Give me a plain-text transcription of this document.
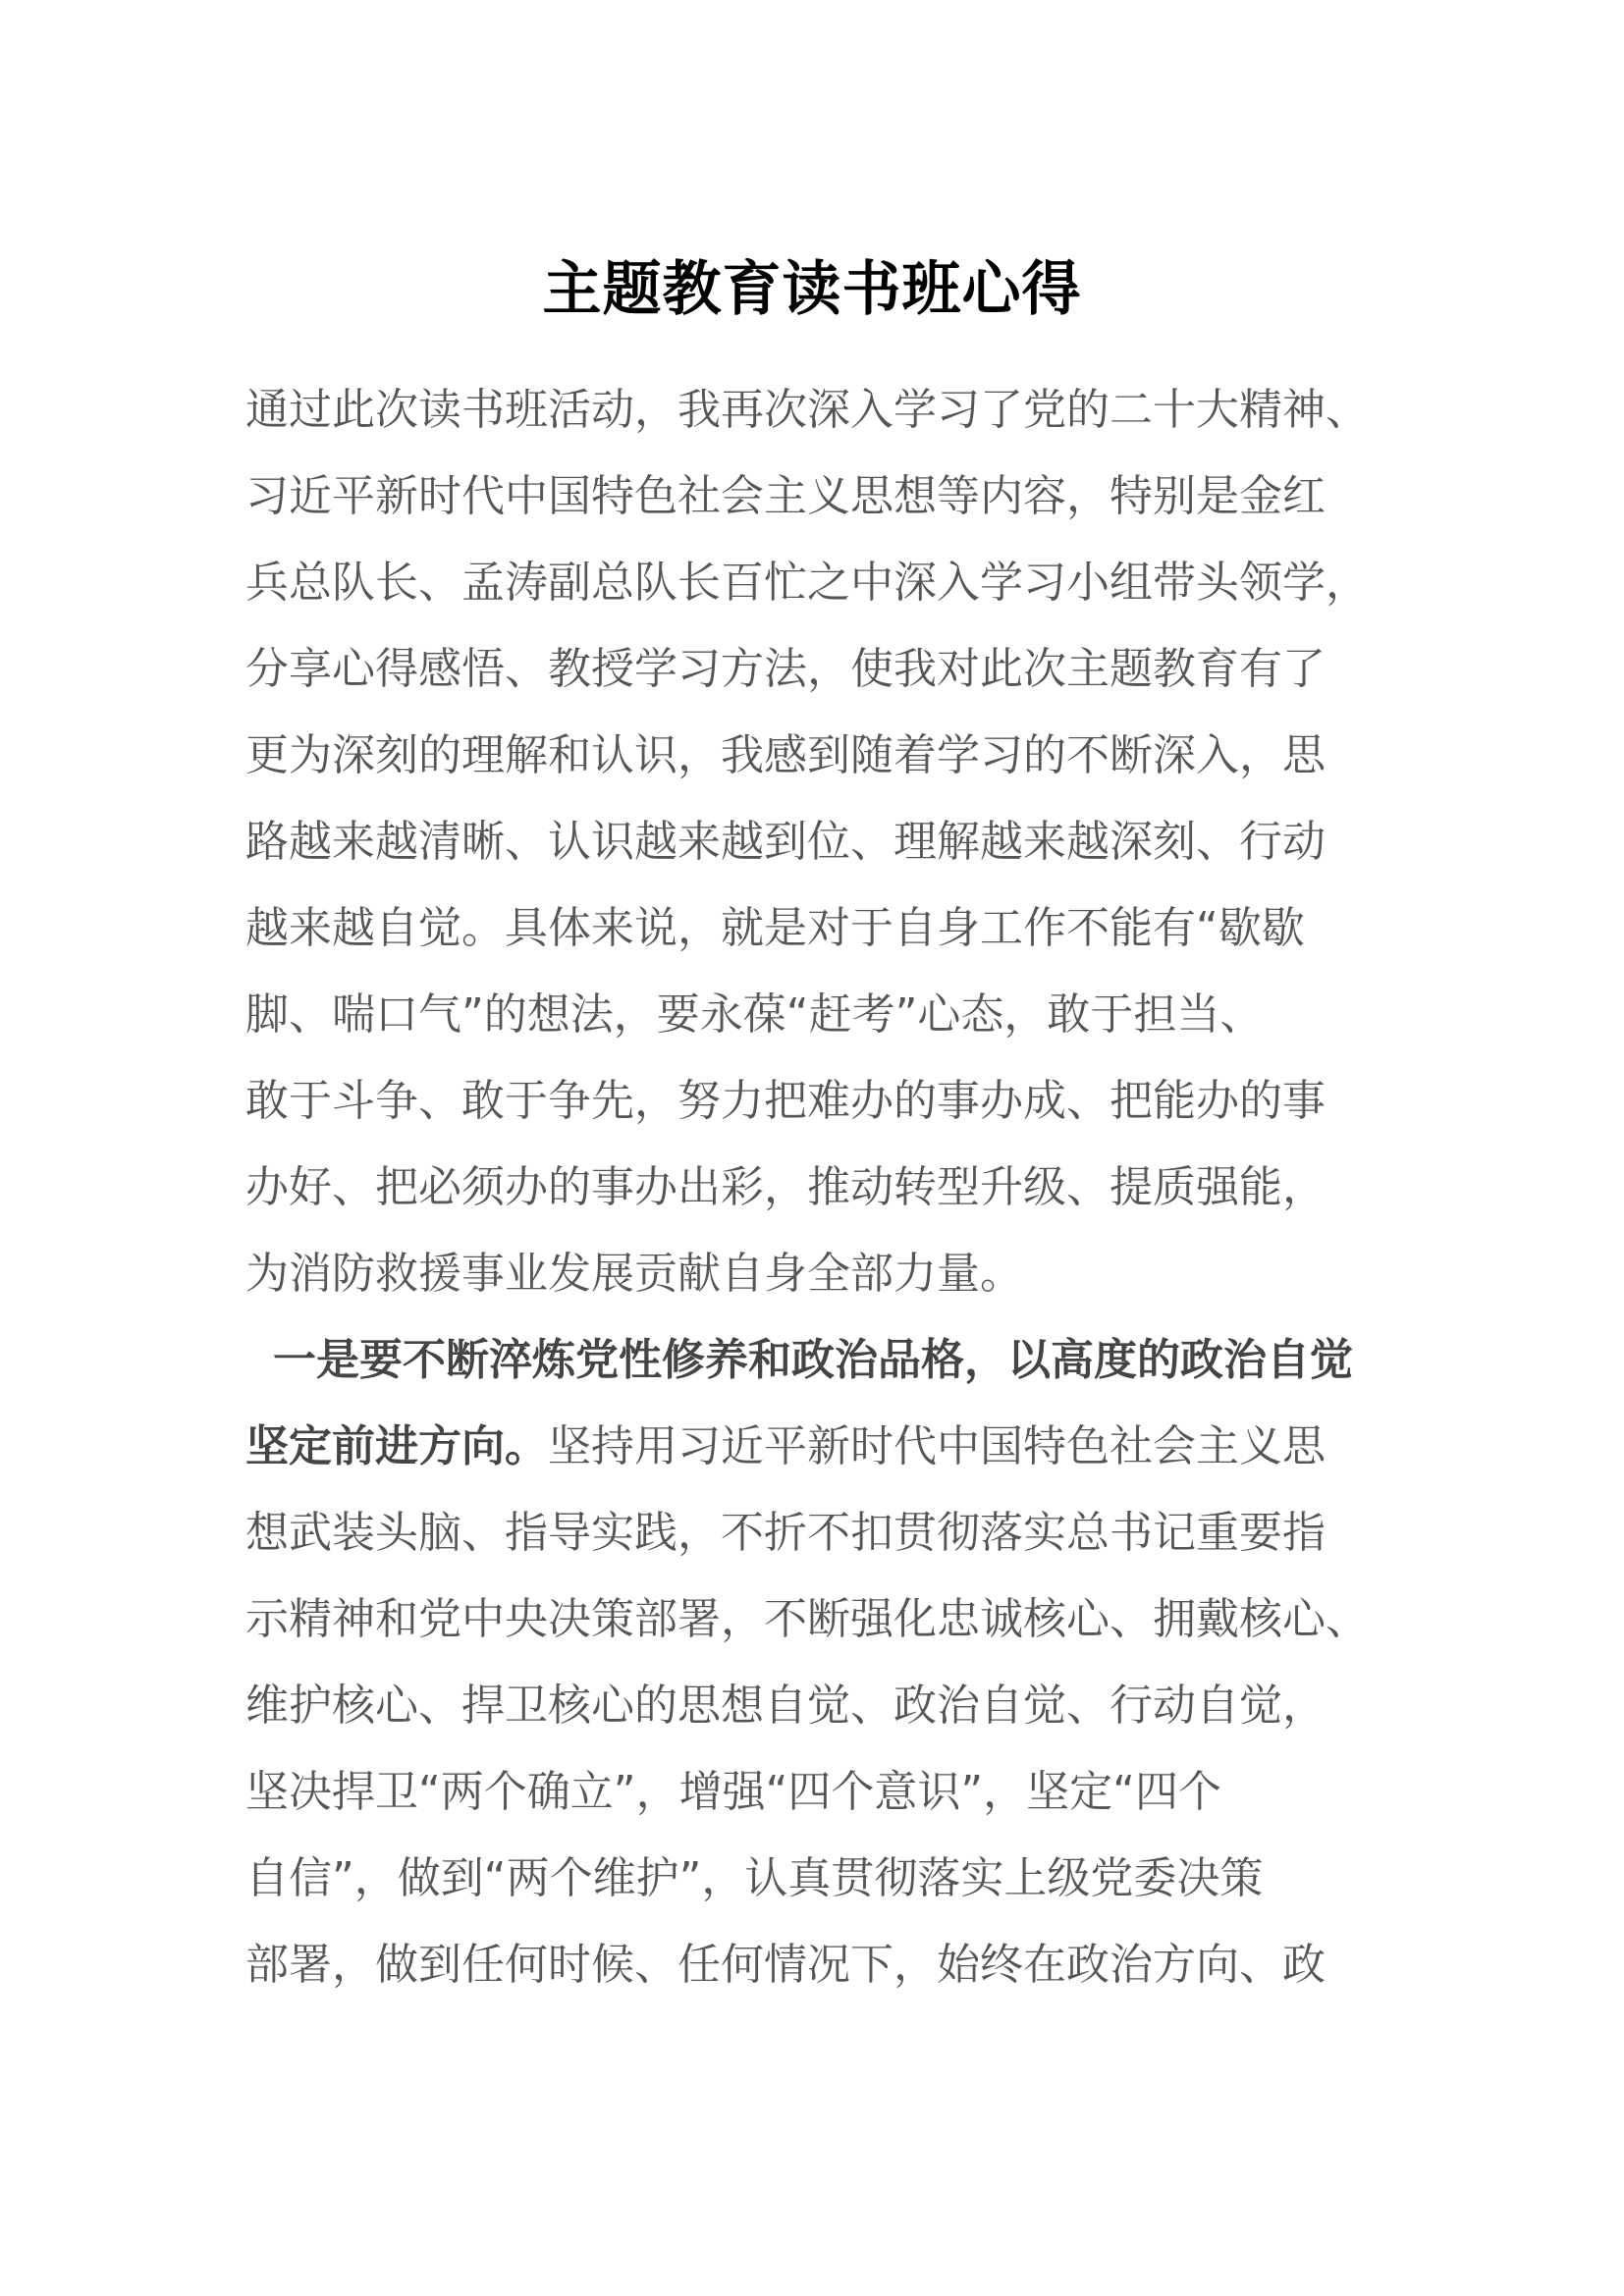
主题教育读书班心得
通过此次读书班活动，我再次深入学习了党的二十大精神、
习近平新时代中国特色社会主义思想等内容，特别是金红
兵总队长、孟涛副总队长百忙之中深入学习小组带头领学，
分享心得感悟、教授学习方法，使我对此次主题教育有了
更为深刻的理解和认识，我感到随着学习的不断深入，思
路越来越清晰、认识越来越到位、理解越来越深刻、行动
越来越自觉。具体来说，就是对于自身工作不能有“歇歇
脚、喘口气”的想法，要永葆“赶考”心态，敢于担当、
敢于斗争、敢于争先，努力把难办的事办成、把能办的事
办好、把必须办的事办出彩，推动转型升级、提质强能，
为消防救援事业发展贡献自身全部力量。
一是要不断淬炼党性修养和政治品格，以高度的政治自觉
坚定前进方向。坚持用习近平新时代中国特色社会主义思
想武装头脑、指导实践，不折不扣贯彻落实总书记重要指
示精神和党中央决策部署，不断强化忠诚核心、拥戴核心、
维护核心、捍卫核心的思想自觉、政治自觉、行动自觉，
坚决捍卫“两个确立”，增强“四个意识”，坚定“四个
自信”，做到“两个维护”，认真贯彻落实上级党委决策
部署，做到任何时候、任何情况下，始终在政治方向、政
